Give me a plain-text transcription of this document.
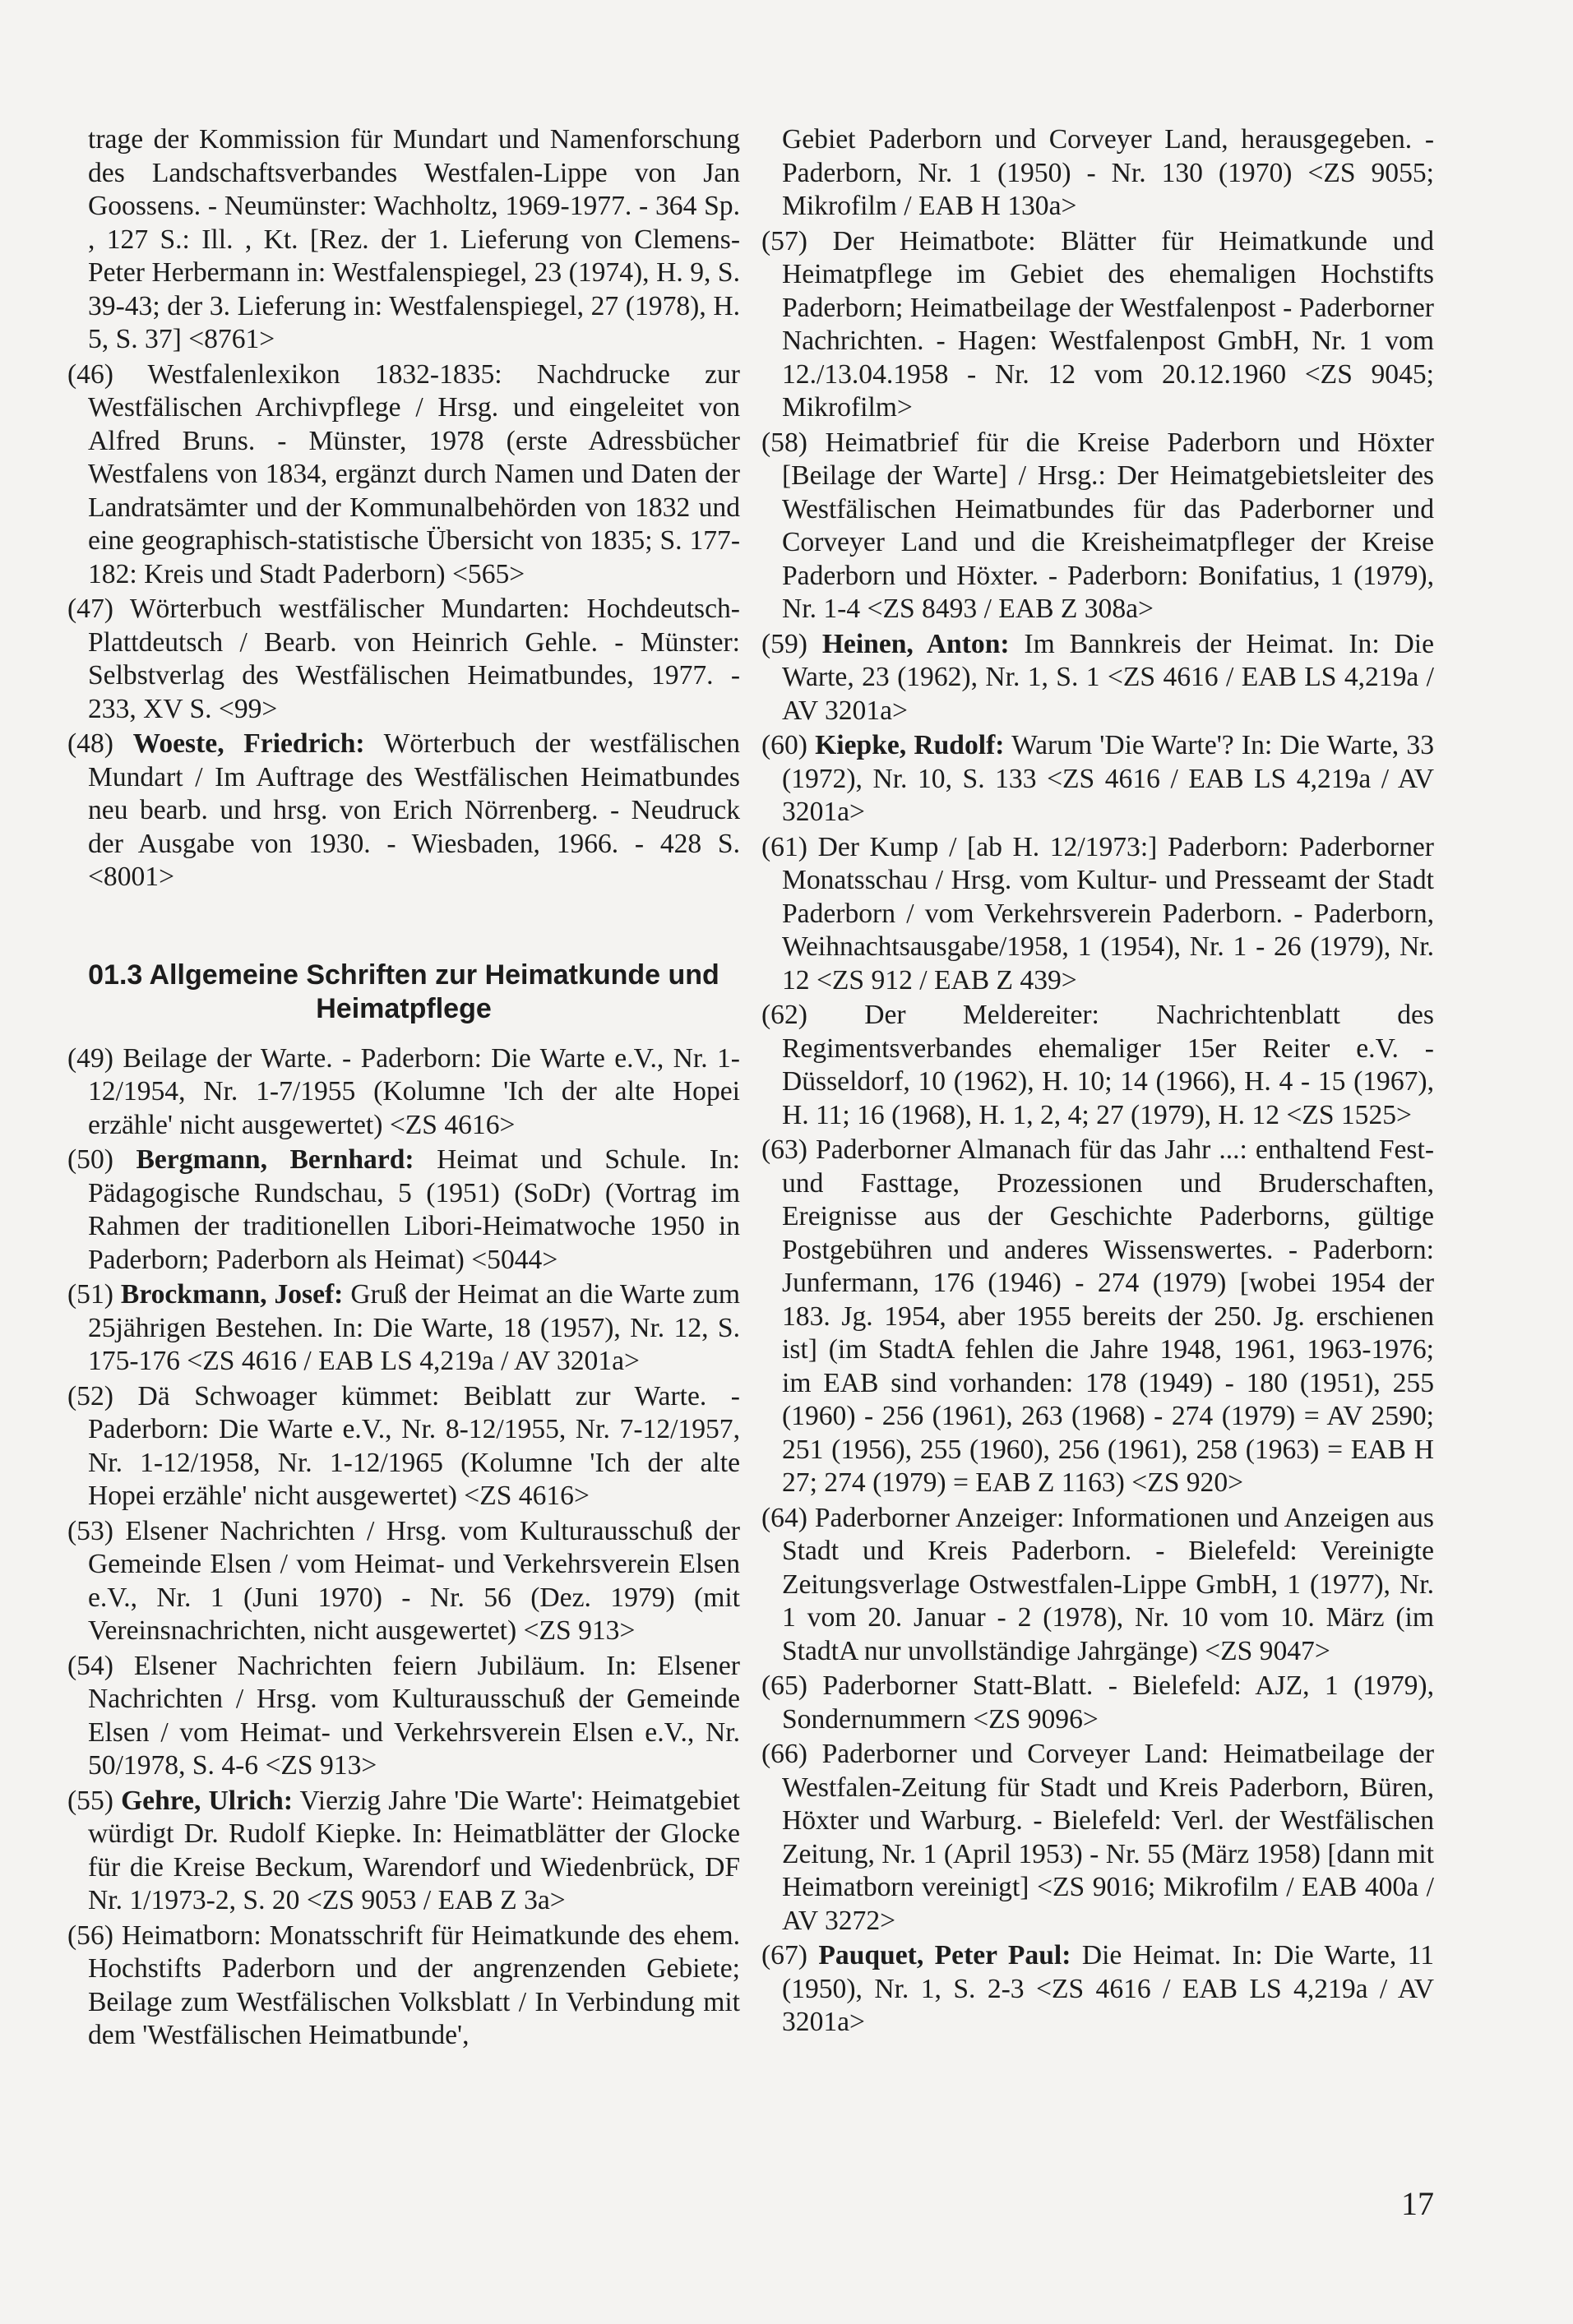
trage der Kommission für Mundart und Namenforschung des Landschaftsverbandes Westfalen-Lippe von Jan Goossens. - Neumünster: Wachholtz, 1969-1977. - 364 Sp. , 127 S.: Ill. , Kt. [Rez. der 1. Lieferung von Clemens-Peter Herbermann in: Westfalenspiegel, 23 (1974), H. 9, S. 39-43; der 3. Lieferung in: Westfalenspiegel, 27 (1978), H. 5, S. 37] <8761>

(46) Westfalenlexikon 1832-1835: Nachdrucke zur Westfälischen Archivpflege / Hrsg. und eingeleitet von Alfred Bruns. - Münster, 1978 (erste Adressbücher Westfalens von 1834, ergänzt durch Namen und Daten der Landratsämter und der Kommunalbehörden von 1832 und eine geographisch-statistische Übersicht von 1835; S. 177-182: Kreis und Stadt Paderborn) <565>

(47) Wörterbuch westfälischer Mundarten: Hochdeutsch-Plattdeutsch / Bearb. von Heinrich Gehle. - Münster: Selbstverlag des Westfälischen Heimatbundes, 1977. - 233, XV S. <99>

(48) Woeste, Friedrich: Wörterbuch der westfälischen Mundart / Im Auftrage des Westfälischen Heimatbundes neu bearb. und hrsg. von Erich Nörrenberg. - Neudruck der Ausgabe von 1930. - Wiesbaden, 1966. - 428 S. <8001>

01.3 Allgemeine Schriften zur Heimatkunde und Heimatpflege

(49) Beilage der Warte. - Paderborn: Die Warte e.V., Nr. 1-12/1954, Nr. 1-7/1955 (Kolumne 'Ich der alte Hopei erzähle' nicht ausgewertet) <ZS 4616>

(50) Bergmann, Bernhard: Heimat und Schule. In: Pädagogische Rundschau, 5 (1951) (SoDr) (Vortrag im Rahmen der traditionellen Libori-Heimatwoche 1950 in Paderborn; Paderborn als Heimat) <5044>

(51) Brockmann, Josef: Gruß der Heimat an die Warte zum 25jährigen Bestehen. In: Die Warte, 18 (1957), Nr. 12, S. 175-176 <ZS 4616 / EAB LS 4,219a / AV 3201a>

(52) Dä Schwoager kümmet: Beiblatt zur Warte. - Paderborn: Die Warte e.V., Nr. 8-12/1955, Nr. 7-12/1957, Nr. 1-12/1958, Nr. 1-12/1965 (Kolumne 'Ich der alte Hopei erzähle' nicht ausgewertet) <ZS 4616>

(53) Elsener Nachrichten / Hrsg. vom Kulturausschuß der Gemeinde Elsen / vom Heimat- und Verkehrsverein Elsen e.V., Nr. 1 (Juni 1970) - Nr. 56 (Dez. 1979) (mit Vereinsnachrichten, nicht ausgewertet) <ZS 913>

(54) Elsener Nachrichten feiern Jubiläum. In: Elsener Nachrichten / Hrsg. vom Kulturausschuß der Gemeinde Elsen / vom Heimat- und Verkehrsverein Elsen e.V., Nr. 50/1978, S. 4-6 <ZS 913>

(55) Gehre, Ulrich: Vierzig Jahre 'Die Warte': Heimatgebiet würdigt Dr. Rudolf Kiepke. In: Heimatblätter der Glocke für die Kreise Beckum, Warendorf und Wiedenbrück, DF Nr. 1/1973-2, S. 20 <ZS 9053 / EAB Z 3a>

(56) Heimatborn: Monatsschrift für Heimatkunde des ehem. Hochstifts Paderborn und der angrenzenden Gebiete; Beilage zum Westfälischen Volksblatt / In Verbindung mit dem 'Westfälischen Heimatbunde',

Gebiet Paderborn und Corveyer Land, herausgegeben. - Paderborn, Nr. 1 (1950) - Nr. 130 (1970) <ZS 9055; Mikrofilm / EAB H 130a>

(57) Der Heimatbote: Blätter für Heimatkunde und Heimatpflege im Gebiet des ehemaligen Hochstifts Paderborn; Heimatbeilage der Westfalenpost - Paderborner Nachrichten. - Hagen: Westfalenpost GmbH, Nr. 1 vom 12./13.04.1958 - Nr. 12 vom 20.12.1960 <ZS 9045; Mikrofilm>

(58) Heimatbrief für die Kreise Paderborn und Höxter [Beilage der Warte] / Hrsg.: Der Heimatgebietsleiter des Westfälischen Heimatbundes für das Paderborner und Corveyer Land und die Kreisheimatpfleger der Kreise Paderborn und Höxter. - Paderborn: Bonifatius, 1 (1979), Nr. 1-4 <ZS 8493 / EAB Z 308a>

(59) Heinen, Anton: Im Bannkreis der Heimat. In: Die Warte, 23 (1962), Nr. 1, S. 1 <ZS 4616 / EAB LS 4,219a / AV 3201a>

(60) Kiepke, Rudolf: Warum 'Die Warte'? In: Die Warte, 33 (1972), Nr. 10, S. 133 <ZS 4616 / EAB LS 4,219a / AV 3201a>

(61) Der Kump / [ab H. 12/1973:] Paderborn: Paderborner Monatsschau / Hrsg. vom Kultur- und Presseamt der Stadt Paderborn / vom Verkehrsverein Paderborn. - Paderborn, Weihnachtsausgabe/1958, 1 (1954), Nr. 1 - 26 (1979), Nr. 12 <ZS 912 / EAB Z 439>

(62) Der Meldereiter: Nachrichtenblatt des Regimentsverbandes ehemaliger 15er Reiter e.V. - Düsseldorf, 10 (1962), H. 10; 14 (1966), H. 4 - 15 (1967), H. 11; 16 (1968), H. 1, 2, 4; 27 (1979), H. 12 <ZS 1525>

(63) Paderborner Almanach für das Jahr ...: enthaltend Fest- und Fasttage, Prozessionen und Bruderschaften, Ereignisse aus der Geschichte Paderborns, gültige Postgebühren und anderes Wissenswertes. - Paderborn: Junfermann, 176 (1946) - 274 (1979) [wobei 1954 der 183. Jg. 1954, aber 1955 bereits der 250. Jg. erschienen ist] (im StadtA fehlen die Jahre 1948, 1961, 1963-1976; im EAB sind vorhanden: 178 (1949) - 180 (1951), 255 (1960) - 256 (1961), 263 (1968) - 274 (1979) = AV 2590; 251 (1956), 255 (1960), 256 (1961), 258 (1963) = EAB H 27; 274 (1979) = EAB Z 1163) <ZS 920>

(64) Paderborner Anzeiger: Informationen und Anzeigen aus Stadt und Kreis Paderborn. - Bielefeld: Vereinigte Zeitungsverlage Ostwestfalen-Lippe GmbH, 1 (1977), Nr. 1 vom 20. Januar - 2 (1978), Nr. 10 vom 10. März (im StadtA nur unvollständige Jahrgänge) <ZS 9047>

(65) Paderborner Statt-Blatt. - Bielefeld: AJZ, 1 (1979), Sondernummern <ZS 9096>

(66) Paderborner und Corveyer Land: Heimatbeilage der Westfalen-Zeitung für Stadt und Kreis Paderborn, Büren, Höxter und Warburg. - Bielefeld: Verl. der Westfälischen Zeitung, Nr. 1 (April 1953) - Nr. 55 (März 1958) [dann mit Heimatborn vereinigt] <ZS 9016; Mikrofilm / EAB 400a / AV 3272>

(67) Pauquet, Peter Paul: Die Heimat. In: Die Warte, 11 (1950), Nr. 1, S. 2-3 <ZS 4616 / EAB LS 4,219a / AV 3201a>

17
